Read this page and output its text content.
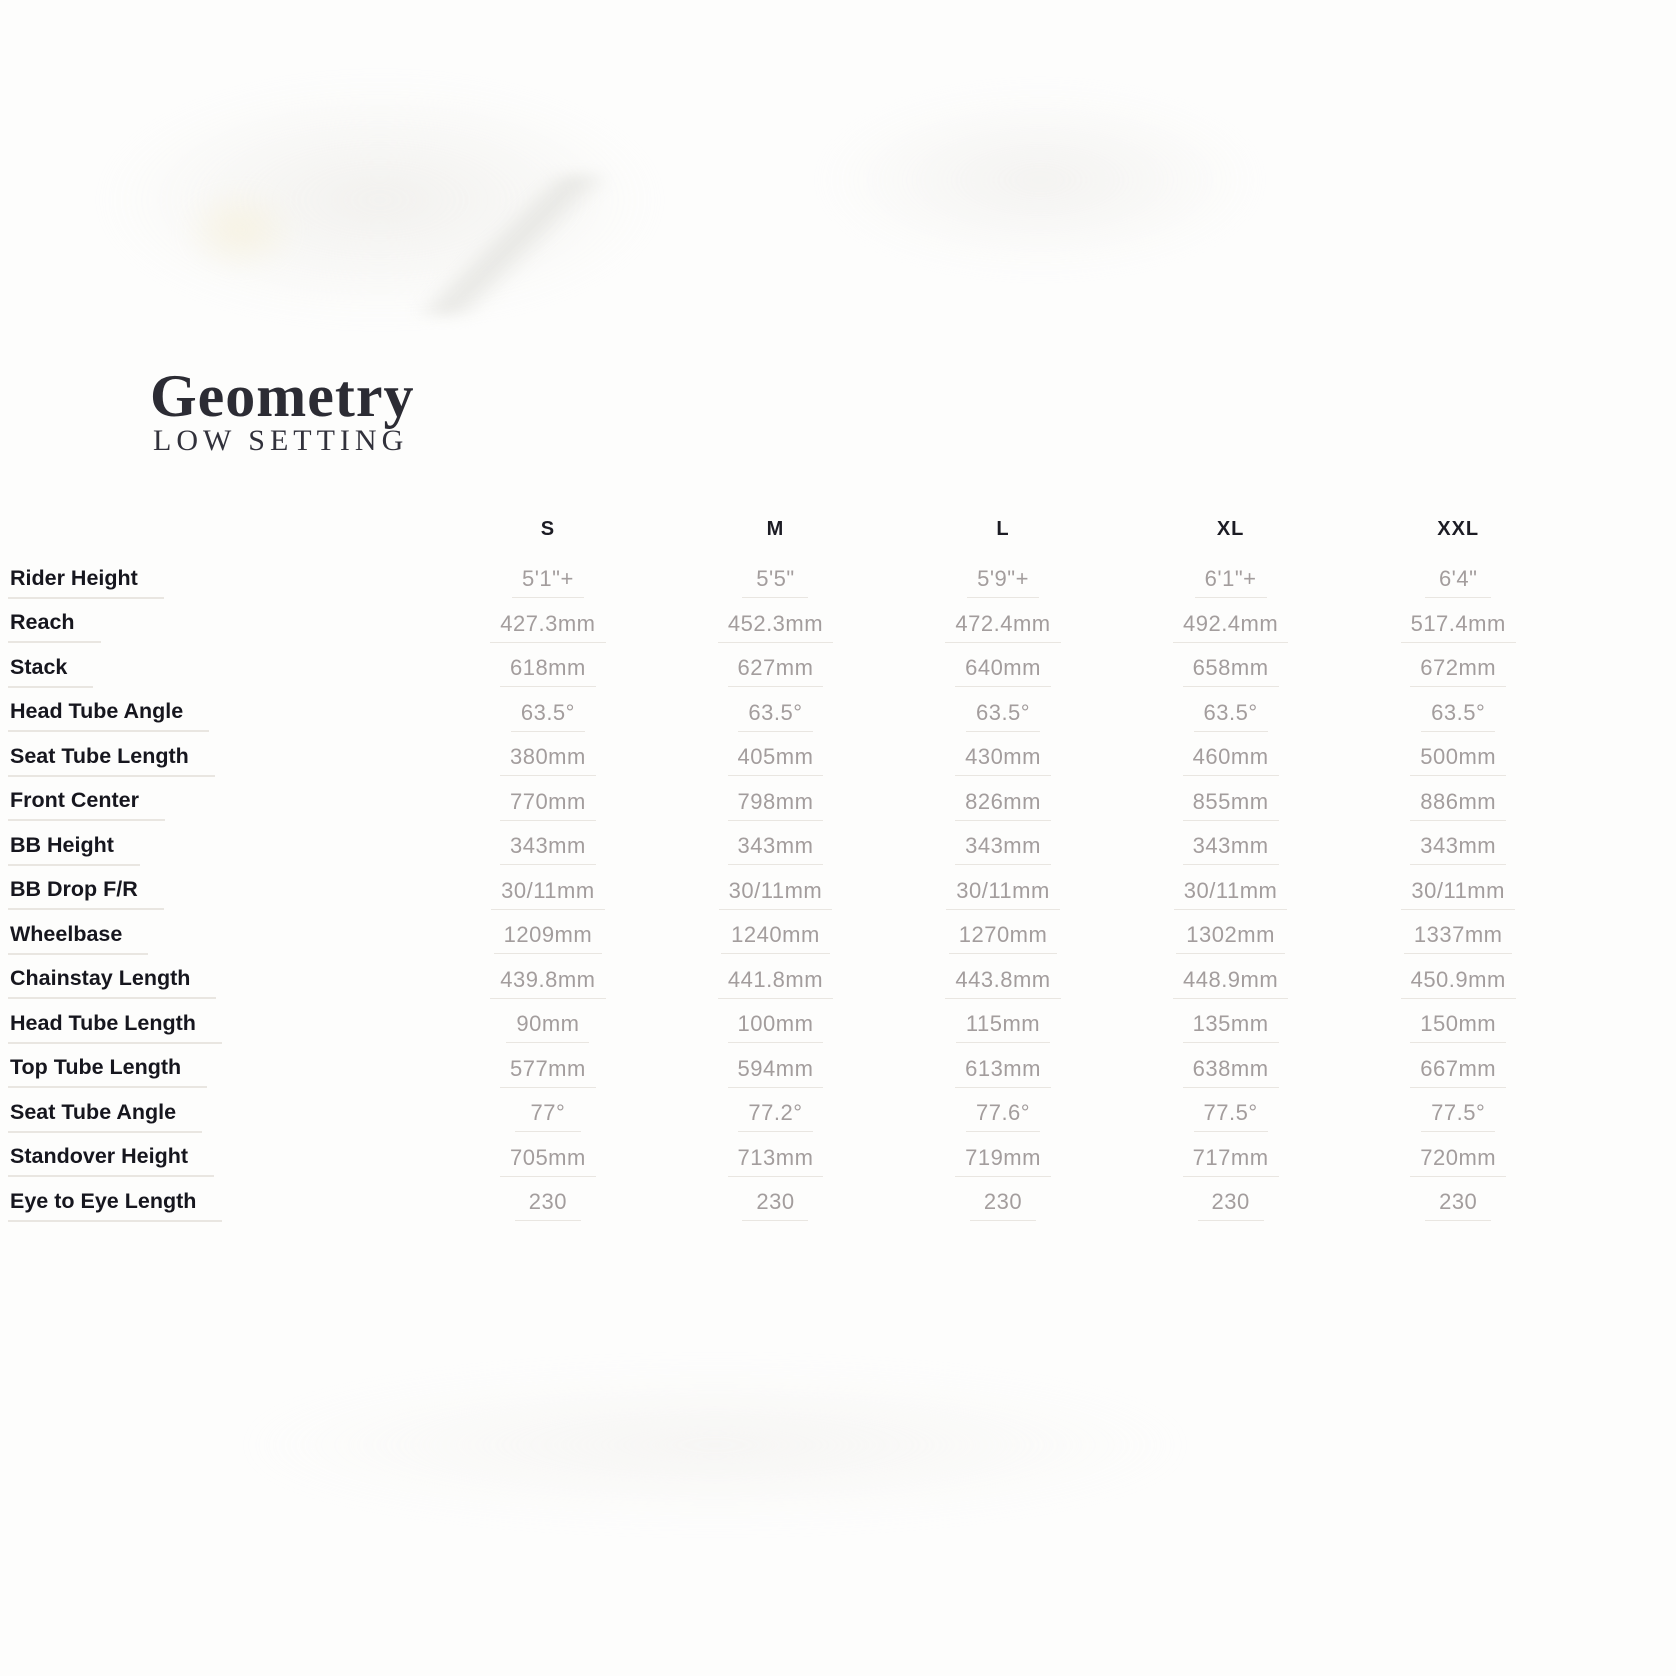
Geometry
LOW SETTING
	S	M	L	XL	XXL
Rider Height	5'1"+	5'5"	5'9"+	6'1"+	6'4"
Reach	427.3mm	452.3mm	472.4mm	492.4mm	517.4mm
Stack	618mm	627mm	640mm	658mm	672mm
Head Tube Angle	63.5°	63.5°	63.5°	63.5°	63.5°
Seat Tube Length	380mm	405mm	430mm	460mm	500mm
Front Center	770mm	798mm	826mm	855mm	886mm
BB Height	343mm	343mm	343mm	343mm	343mm
BB Drop F/R	30/11mm	30/11mm	30/11mm	30/11mm	30/11mm
Wheelbase	1209mm	1240mm	1270mm	1302mm	1337mm
Chainstay Length	439.8mm	441.8mm	443.8mm	448.9mm	450.9mm
Head Tube Length	90mm	100mm	115mm	135mm	150mm
Top Tube Length	577mm	594mm	613mm	638mm	667mm
Seat Tube Angle	77°	77.2°	77.6°	77.5°	77.5°
Standover Height	705mm	713mm	719mm	717mm	720mm
Eye to Eye Length	230	230	230	230	230
